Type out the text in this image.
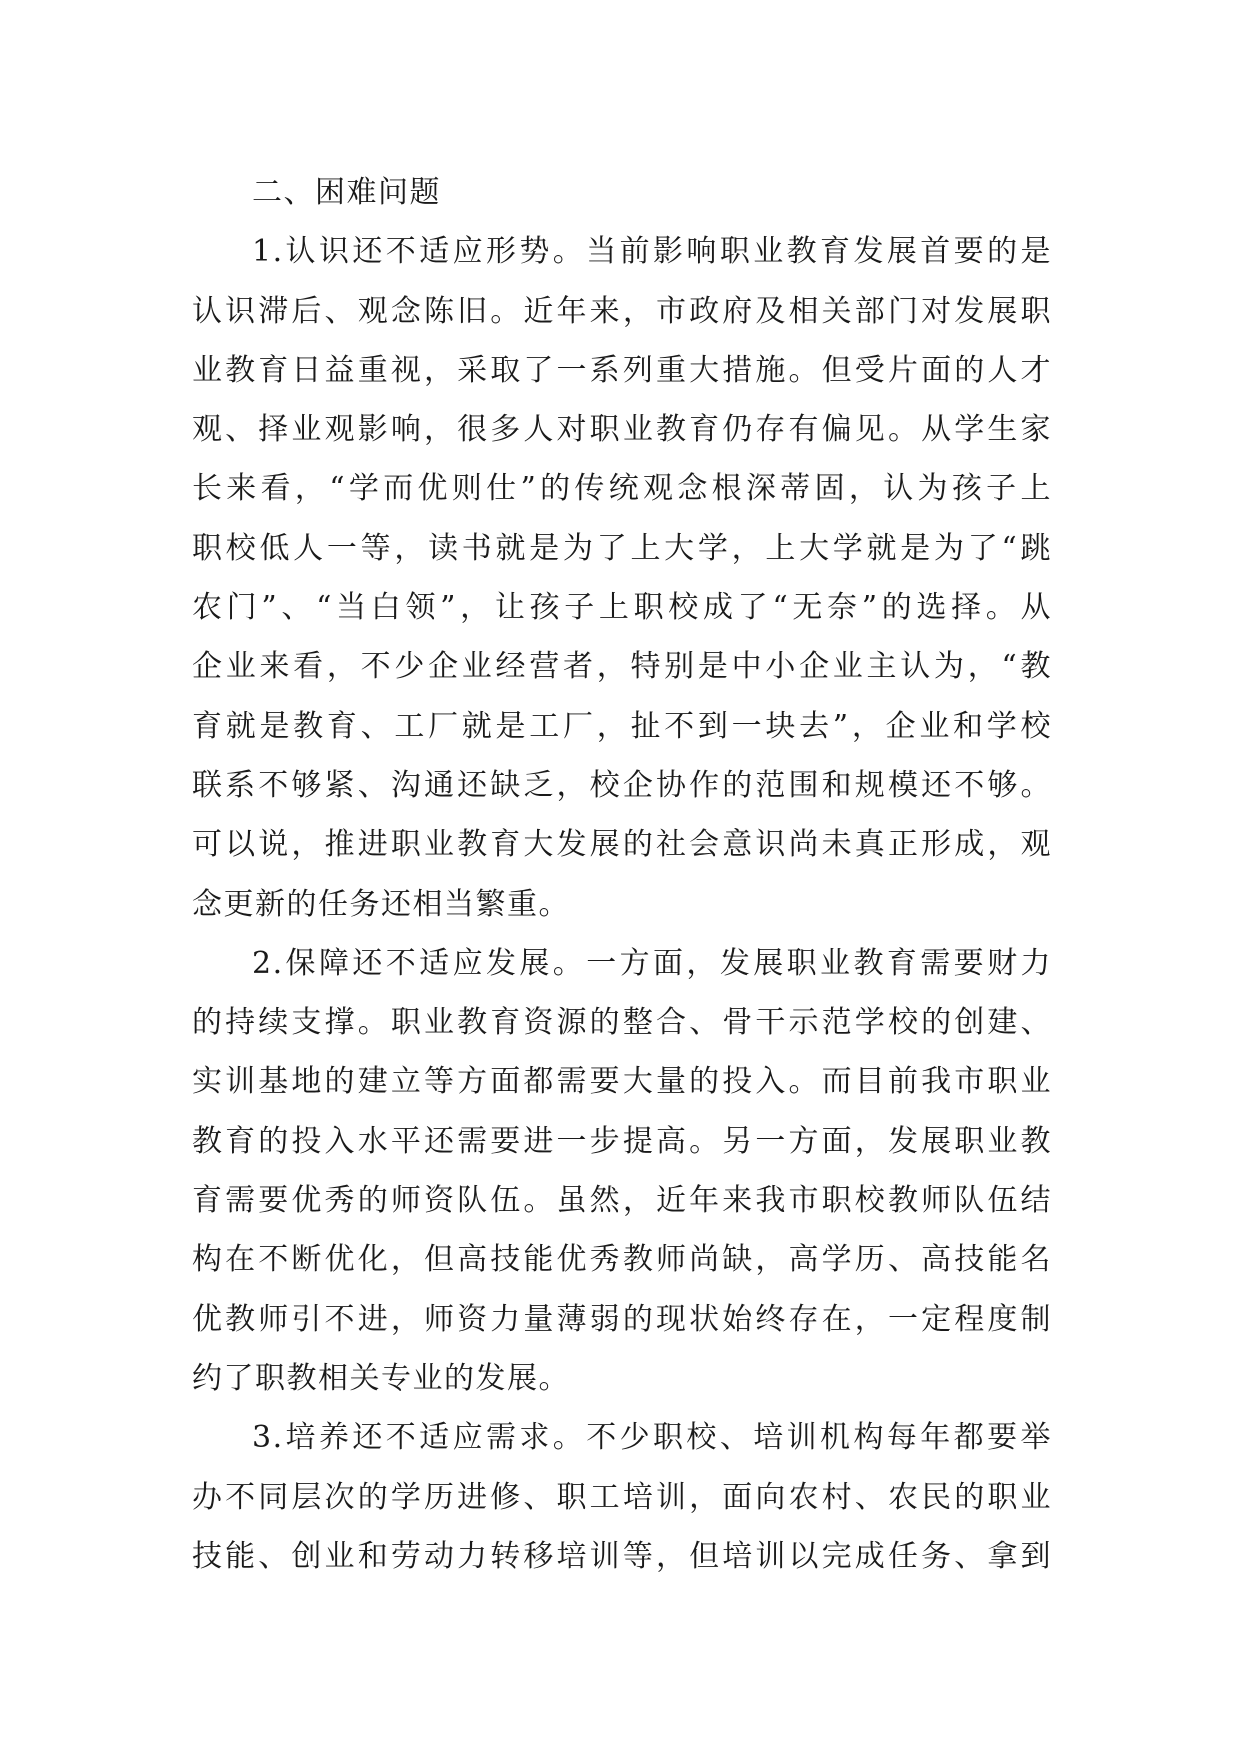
二、困难问题
1.认识还不适应形势。当前影响职业教育发展首要的是
认识滞后、观念陈旧。近年来，市政府及相关部门对发展职
业教育日益重视，采取了一系列重大措施。但受片面的人才
观、择业观影响，很多人对职业教育仍存有偏见。从学生家
长来看，“学而优则仕”的传统观念根深蒂固，认为孩子上
职校低人一等，读书就是为了上大学，上大学就是为了“跳
农门”、“当白领”，让孩子上职校成了“无奈”的选择。从
企业来看，不少企业经营者，特别是中小企业主认为，“教
育就是教育、工厂就是工厂，扯不到一块去”，企业和学校
联系不够紧、沟通还缺乏，校企协作的范围和规模还不够。
可以说，推进职业教育大发展的社会意识尚未真正形成，观
念更新的任务还相当繁重。
2.保障还不适应发展。一方面，发展职业教育需要财力
的持续支撑。职业教育资源的整合、骨干示范学校的创建、
实训基地的建立等方面都需要大量的投入。而目前我市职业
教育的投入水平还需要进一步提高。另一方面，发展职业教
育需要优秀的师资队伍。虽然，近年来我市职校教师队伍结
构在不断优化，但高技能优秀教师尚缺，高学历、高技能名
优教师引不进，师资力量薄弱的现状始终存在，一定程度制
约了职教相关专业的发展。
3.培养还不适应需求。不少职校、培训机构每年都要举
办不同层次的学历进修、职工培训，面向农村、农民的职业
技能、创业和劳动力转移培训等，但培训以完成任务、拿到
